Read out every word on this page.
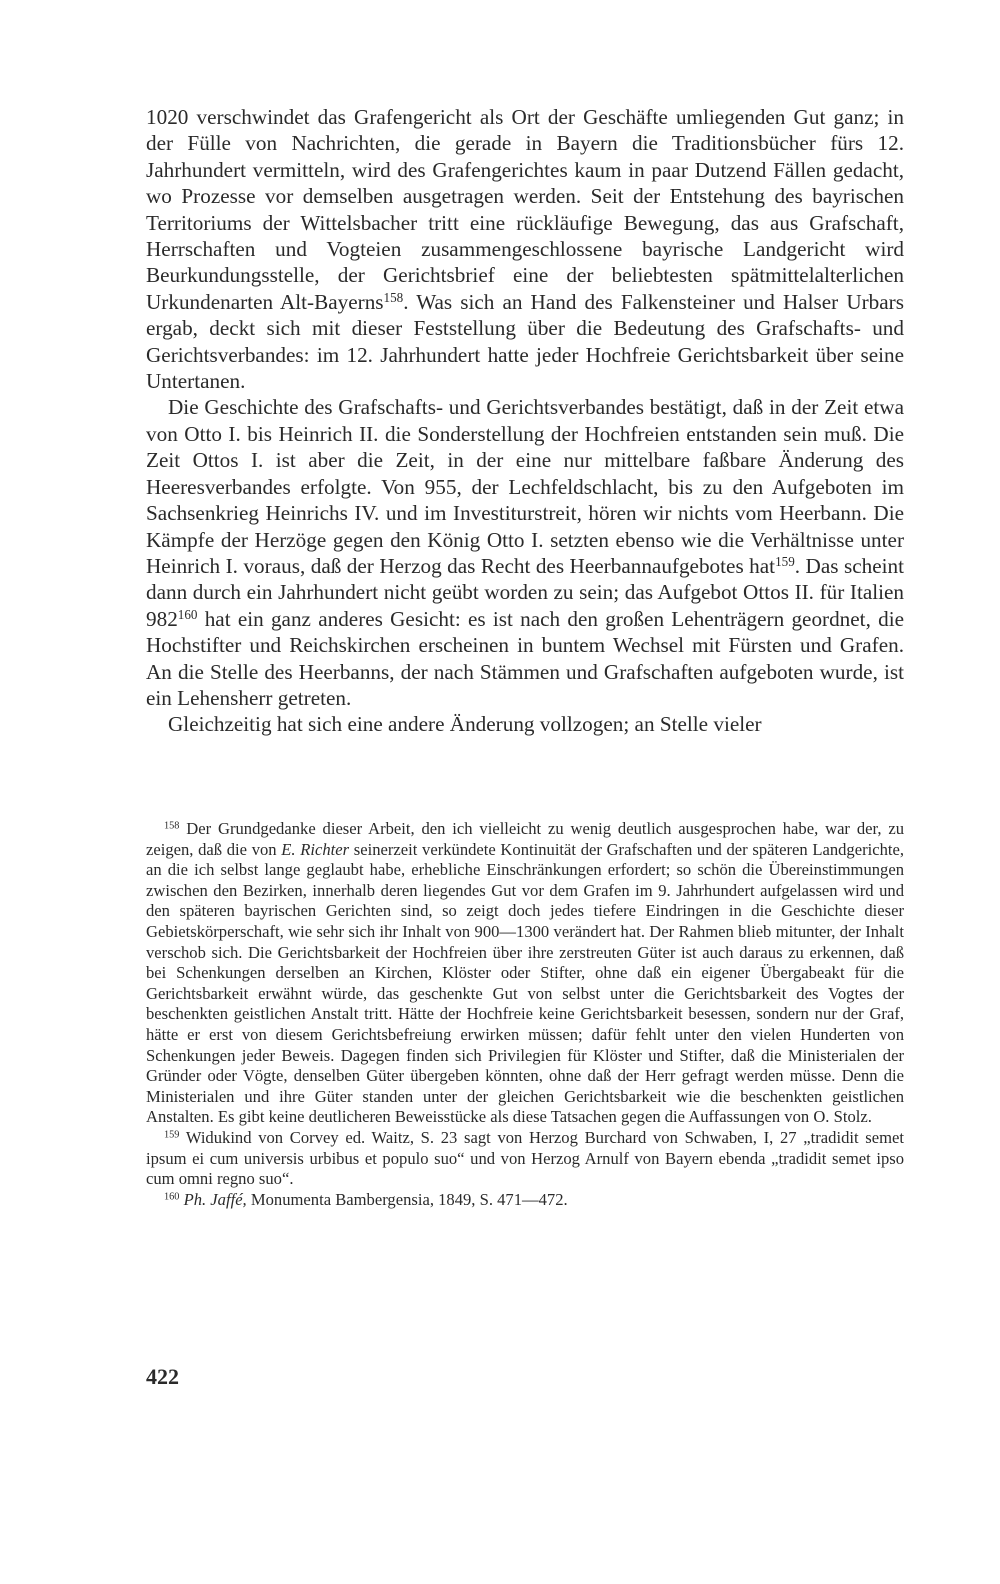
1020 verschwindet das Grafengericht als Ort der Geschäfte umliegenden Gut ganz; in der Fülle von Nachrichten, die gerade in Bayern die Traditionsbücher fürs 12. Jahrhundert vermitteln, wird des Grafengerichtes kaum in paar Dutzend Fällen gedacht, wo Prozesse vor demselben ausgetragen werden. Seit der Entstehung des bayrischen Territoriums der Wittelsbacher tritt eine rückläufige Bewegung, das aus Grafschaft, Herrschaften und Vogteien zusammengeschlossene bayrische Landgericht wird Beurkundungsstelle, der Gerichtsbrief eine der beliebtesten spätmittelalterlichen Urkundenarten Alt-Bayerns$^{158}$. Was sich an Hand des Falkensteiner und Halser Urbars ergab, deckt sich mit dieser Feststellung über die Bedeutung des Grafschafts- und Gerichtsverbandes: im 12. Jahrhundert hatte jeder Hochfreie Gerichtsbarkeit über seine Untertanen.

Die Geschichte des Grafschafts- und Gerichtsverbandes bestätigt, daß in der Zeit etwa von Otto I. bis Heinrich II. die Sonderstellung der Hochfreien entstanden sein muß. Die Zeit Ottos I. ist aber die Zeit, in der eine nur mittelbare faßbare Änderung des Heeresverbandes erfolgte. Von 955, der Lechfeldschlacht, bis zu den Aufgeboten im Sachsenkrieg Heinrichs IV. und im Investiturstreit, hören wir nichts vom Heerbann. Die Kämpfe der Herzöge gegen den König Otto I. setzten ebenso wie die Verhältnisse unter Heinrich I. voraus, daß der Herzog das Recht des Heerbannaufgebotes hat$^{159}$. Das scheint dann durch ein Jahrhundert nicht geübt worden zu sein; das Aufgebot Ottos II. für Italien $982^{160}$ hat ein ganz anderes Gesicht: es ist nach den großen Lehenträgern geordnet, die Hochstifter und Reichskirchen erscheinen in buntem Wechsel mit Fürsten und Grafen. An die Stelle des Heerbanns, der nach Stämmen und Grafschaften aufgeboten wurde, ist ein Lehensherr getreten.

Gleichzeitig hat sich eine andere Änderung vollzogen; an Stelle vieler

$^{158}$ Der Grundgedanke dieser Arbeit, den ich vielleicht zu wenig deutlich ausgesprochen habe, war der, zu zeigen, daß die von E. Richter seinerzeit verkündete Kontinuität der Grafschaften und der späteren Landgerichte, an die ich selbst lange geglaubt habe, erhebliche Einschränkungen erfordert; so schön die Übereinstimmungen zwischen den Bezirken, innerhalb deren liegendes Gut vor dem Grafen im 9. Jahrhundert aufgelassen wird und den späteren bayrischen Gerichten sind, so zeigt doch jedes tiefere Eindringen in die Geschichte dieser Gebietskörperschaft, wie sehr sich ihr Inhalt von 900—1300 verändert hat. Der Rahmen blieb mitunter, der Inhalt verschob sich. Die Gerichtsbarkeit der Hochfreien über ihre zerstreuten Güter ist auch daraus zu erkennen, daß bei Schenkungen derselben an Kirchen, Klöster oder Stifter, ohne daß ein eigener Übergabeakt für die Gerichtsbarkeit erwähnt würde, das geschenkte Gut von selbst unter die Gerichtsbarkeit des Vogtes der beschenkten geistlichen Anstalt tritt. Hätte der Hochfreie keine Gerichtsbarkeit besessen, sondern nur der Graf, hätte er erst von diesem Gerichtsbefreiung erwirken müssen; dafür fehlt unter den vielen Hunderten von Schenkungen jeder Beweis. Dagegen finden sich Privilegien für Klöster und Stifter, daß die Ministerialen der Gründer oder Vögte, denselben Güter übergeben könnten, ohne daß der Herr gefragt werden müsse. Denn die Ministerialen und ihre Güter standen unter der gleichen Gerichtsbarkeit wie die beschenkten geistlichen Anstalten. Es gibt keine deutlicheren Beweisstücke als diese Tatsachen gegen die Auffassungen von O. Stolz.

$^{159}$ Widukind von Corvey ed. Waitz, S. 23 sagt von Herzog Burchard von Schwaben, I, 27 „tradidit semet ipsum ei cum universis urbibus et populo suo“ und von Herzog Arnulf von Bayern ebenda „tradidit semet ipso cum omni regno suo“.

$^{160}$ Ph. Jaffé, Monumenta Bambergensia, 1849, S. 471—472.

422
